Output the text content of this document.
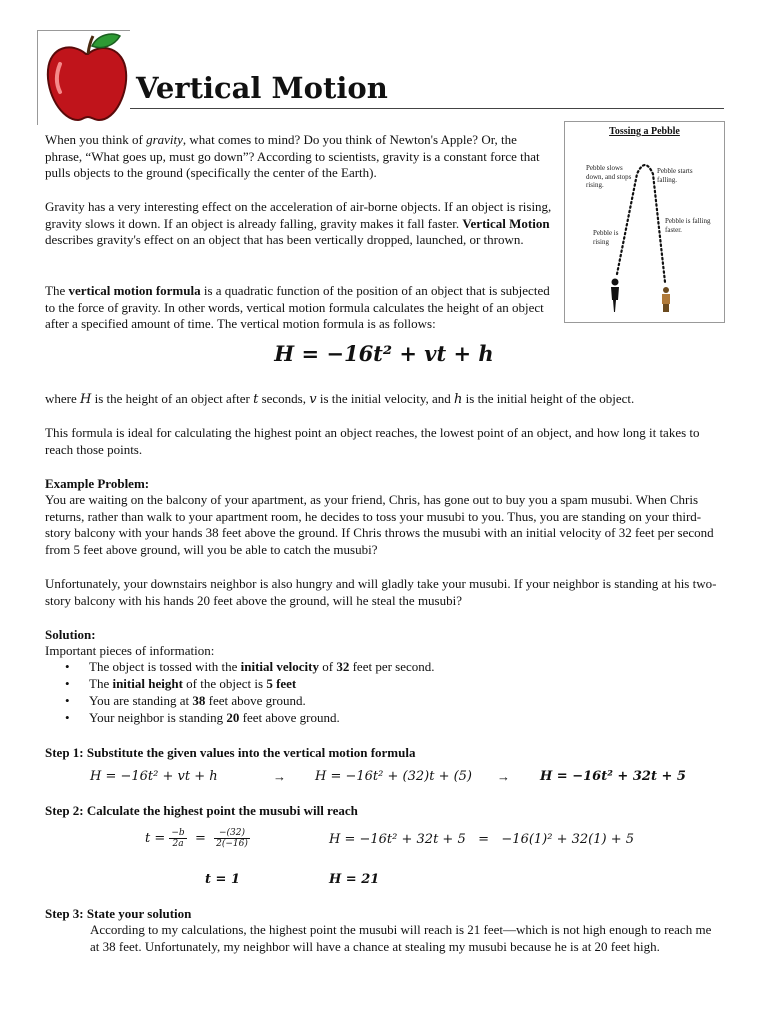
Vertical Motion
When you think of gravity, what comes to mind? Do you think of Newton's Apple? Or, the phrase, “What goes up, must go down”? According to scientists, gravity is a constant force that pulls objects to the ground (specifically the center of the Earth).
Gravity has a very interesting effect on the acceleration of air-borne objects. If an object is rising, gravity slows it down. If an object is already falling, gravity makes it fall faster. Vertical Motion describes gravity's effect on an object that has been vertically dropped, launched, or thrown.
The vertical motion formula is a quadratic function of the position of an object that is subjected to the force of gravity. In other words, vertical motion formula calculates the height of an object after a specified amount of time. The vertical motion formula is as follows:
Tossing a Pebble
Pebble slows down, and stops rising.
Pebble starts falling.
Pebble is rising
Pebble is falling faster.
H = −16t² + vt + h
where H is the height of an object after t seconds, v is the initial velocity, and h is the initial height of the object.
This formula is ideal for calculating the highest point an object reaches, the lowest point of an object, and how long it takes to reach those points.
Example Problem:
You are waiting on the balcony of your apartment, as your friend, Chris, has gone out to buy you a spam musubi. When Chris returns, rather than walk to your apartment room, he decides to toss your musubi to you. Thus, you are standing on your third-story balcony with your hands 38 feet above the ground. If Chris throws the musubi with an initial velocity of 32 feet per second from 5 feet above ground, will you be able to catch the musubi?
Unfortunately, your downstairs neighbor is also hungry and will gladly take your musubi. If your neighbor is standing at his two-story balcony with his hands 20 feet above the ground, will he steal the musubi?
Solution:
Important pieces of information:
• The object is tossed with the initial velocity of 32 feet per second.
• The initial height of the object is 5 feet
• You are standing at 38 feet above ground.
• Your neighbor is standing 20 feet above ground.
Step 1: Substitute the given values into the vertical motion formula
H = −16t² + vt + h	→ H = −16t² + (32)t + (5) → H = −16t² + 32t + 5
Step 2: Calculate the highest point the musubi will reach
$t = \frac{-b}{2a} = \frac{-(32)}{2(-16)}$	H = −16t² + 32t + 5   =   −16(1)² + 32(1) + 5
t = 1	H = 21
Step 3: State your solution
According to my calculations, the highest point the musubi will reach is 21 feet—which is not high enough to reach me at 38 feet. Unfortunately, my neighbor will have a chance at stealing my musubi because he is at 20 feet high.
